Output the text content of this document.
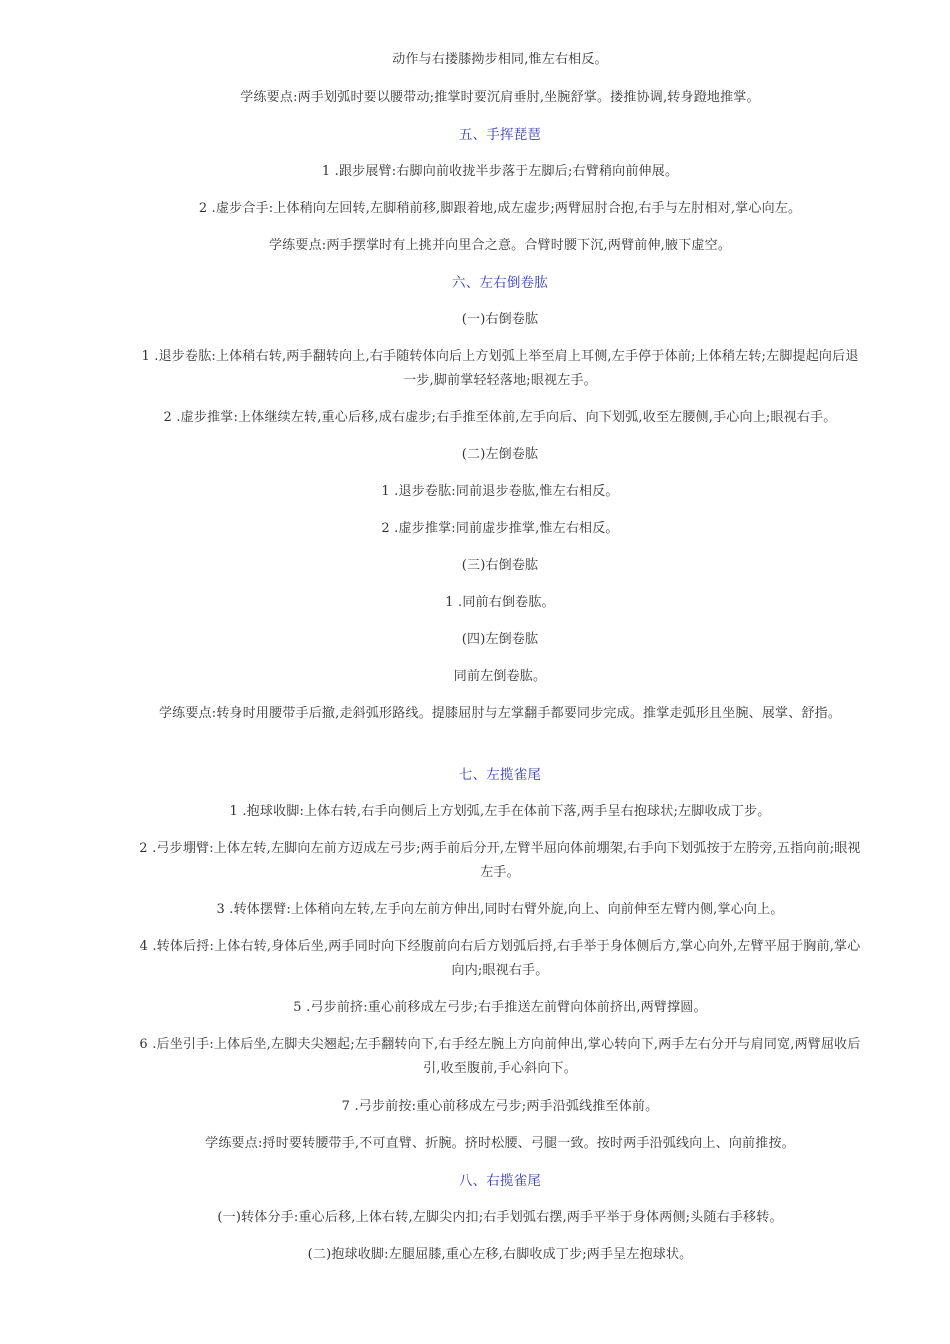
动作与右搂膝拗步相同,惟左右相反。
学练要点:两手划弧时要以腰带动;推掌时要沉肩垂肘,坐腕舒掌。搂推协调,转身蹬地推掌。
五、手挥琵琶
1 .跟步展臂:右脚向前收拢半步落于左脚后;右臂稍向前伸展。
2 .虚步合手:上体稍向左回转,左脚稍前移,脚跟着地,成左虚步;两臂屈肘合抱,右手与左肘相对,掌心向左。
学练要点:两手摆掌时有上挑并向里合之意。合臂时腰下沉,两臂前伸,腋下虚空。
六、左右倒卷肱
(一)右倒卷肱
1 .退步卷肱:上体稍右转,两手翻转向上,右手随转体向后上方划弧上举至肩上耳侧,左手停于体前;上体稍左转;左脚提起向后退一步,脚前掌轻轻落地;眼视左手。
2 .虚步推掌:上体继续左转,重心后移,成右虚步;右手推至体前,左手向后、向下划弧,收至左腰侧,手心向上;眼视右手。
(二)左倒卷肱
1 .退步卷肱:同前退步卷肱,惟左右相反。
2 .虚步推掌:同前虚步推掌,惟左右相反。
(三)右倒卷肱
1 .同前右倒卷肱。
(四)左倒卷肱
同前左倒卷肱。
学练要点:转身时用腰带手后撤,走斜弧形路线。提膝屈肘与左掌翻手都要同步完成。推掌走弧形且坐腕、展掌、舒指。
七、左揽雀尾
1 .抱球收脚:上体右转,右手向侧后上方划弧,左手在体前下落,两手呈右抱球状;左脚收成丁步。
2 .弓步堋臂:上体左转,左脚向左前方迈成左弓步;两手前后分开,左臂半屈向体前堋架,右手向下划弧按于左胯旁,五指向前;眼视左手。
3 .转体摆臂:上体稍向左转,左手向左前方伸出,同时右臂外旋,向上、向前伸至左臂内侧,掌心向上。
4 .转体后捋:上体右转,身体后坐,两手同时向下经腹前向右后方划弧后捋,右手举于身体侧后方,掌心向外,左臂平屈于胸前,掌心向内;眼视右手。
5 .弓步前挤:重心前移成左弓步;右手推送左前臂向体前挤出,两臂撑圆。
6 .后坐引手:上体后坐,左脚夫尖翘起;左手翻转向下,右手经左腕上方向前伸出,掌心转向下,两手左右分开与肩同宽,两臂屈收后引,收至腹前,手心斜向下。
7 .弓步前按:重心前移成左弓步;两手沿弧线推至体前。
学练要点:捋时要转腰带手,不可直臂、折腕。挤时松腰、弓腿一致。按时两手沿弧线向上、向前推按。
八、右揽雀尾
(一)转体分手:重心后移,上体右转,左脚尖内扣;右手划弧右摆,两手平举于身体两侧;头随右手移转。
(二)抱球收脚:左腿屈膝,重心左移,右脚收成丁步;两手呈左抱球状。
